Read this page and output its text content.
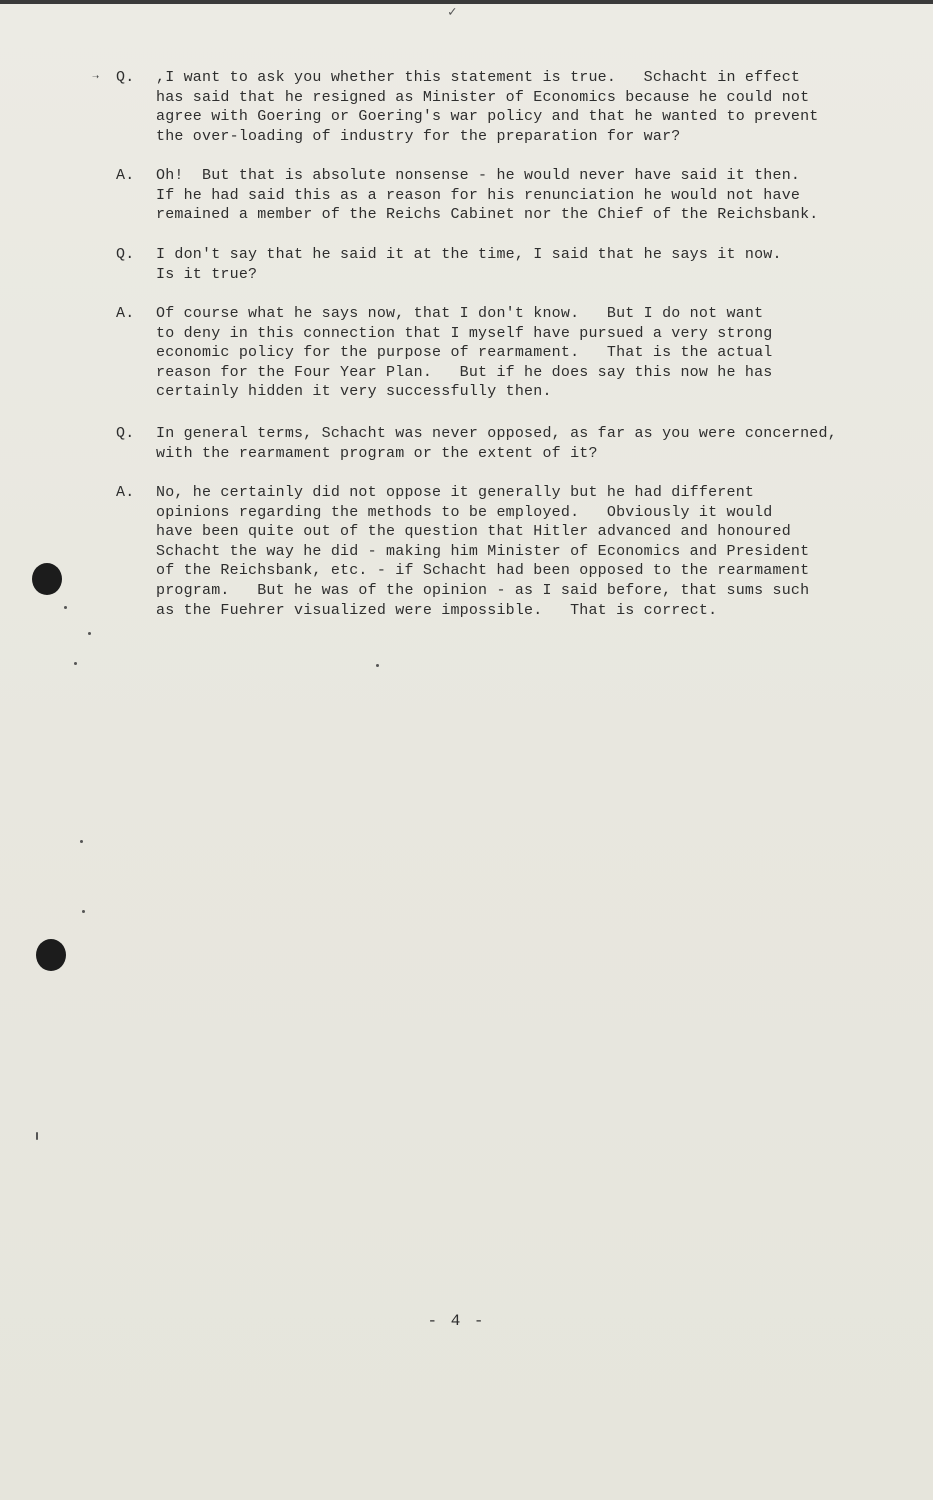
✓
➝ Q. ,I want to ask you whether this statement is true.   Schacht in effect
has said that he resigned as Minister of Economics because he could not
agree with Goering or Goering's war policy and that he wanted to prevent
the over-loading of industry for the preparation for war?
A. Oh!  But that is absolute nonsense - he would never have said it then.
If he had said this as a reason for his renunciation he would not have
remained a member of the Reichs Cabinet nor the Chief of the Reichsbank.
Q. I don't say that he said it at the time, I said that he says it now.
Is it true?
A. Of course what he says now, that I don't know.   But I do not want
to deny in this connection that I myself have pursued a very strong
economic policy for the purpose of rearmament.   That is the actual
reason for the Four Year Plan.   But if he does say this now he has
certainly hidden it very successfully then.
Q. In general terms, Schacht was never opposed, as far as you were concerned,
with the rearmament program or the extent of it?
A. No, he certainly did not oppose it generally but he had different
opinions regarding the methods to be employed.   Obviously it would
have been quite out of the question that Hitler advanced and honoured
Schacht the way he did - making him Minister of Economics and President
of the Reichsbank, etc. - if Schacht had been opposed to the rearmament
program.   But he was of the opinion - as I said before, that sums such
as the Fuehrer visualized were impossible.   That is correct.
- 4 -
